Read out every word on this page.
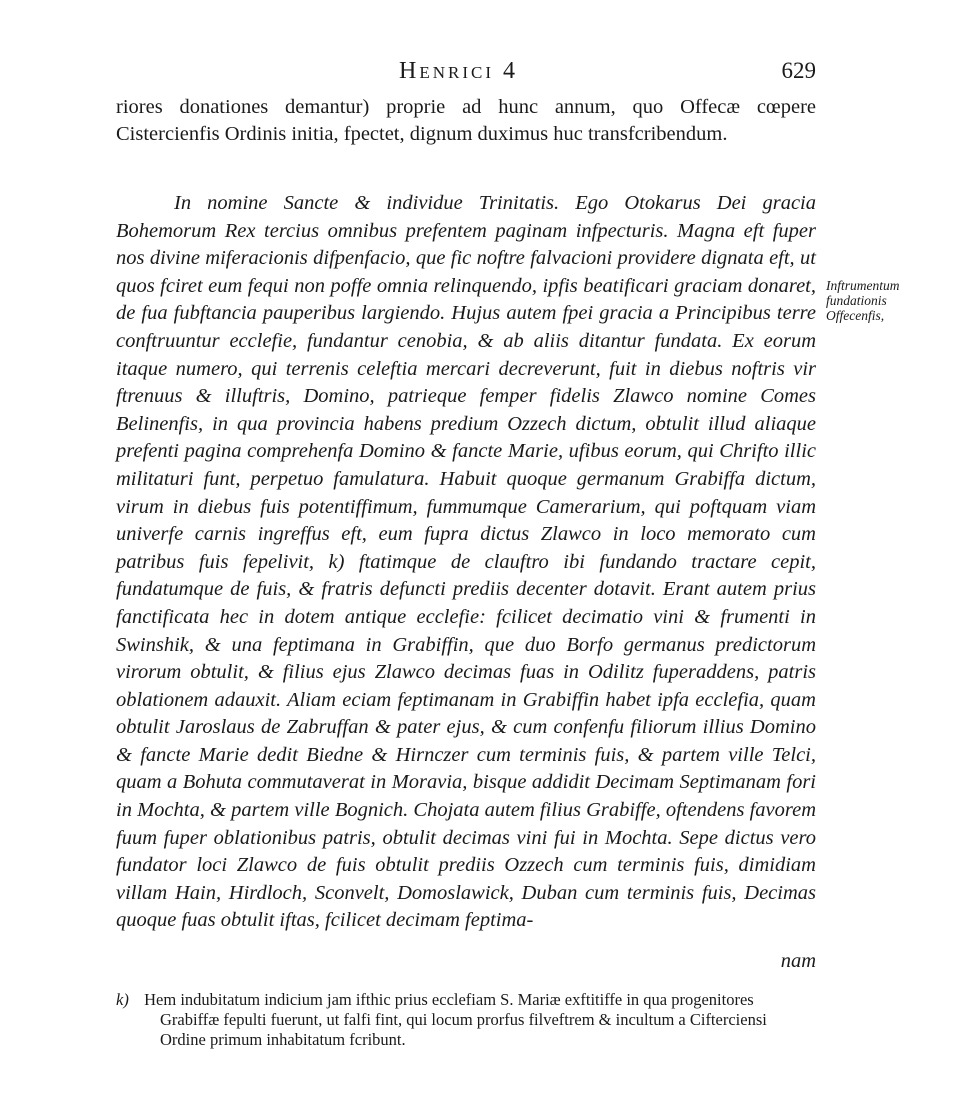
Henrici 4	629
riores donationes demantur) proprie ad hunc annum, quo Offecæ cœpere Cistercienfis Ordinis initia, fpectet, dignum duximus huc transfcribendum.

In nomine Sancte & individue Trinitatis. Ego Otokarus Dei gracia Bohemorum Rex tercius omnibus prefentem paginam infpecturis. Magna eft fuper nos divine miferacionis difpenfacio, que fic noftre falvacioni providere dignata eft, ut quos fciret eum fequi non poffe omnia relinquendo, ipfis beatificari graciam donaret, de fua fubftancia pauperibus largiendo. Hujus autem fpei gracia a Principibus terre conftruuntur ecclefie, fundantur cenobia, & ab aliis ditantur fundata. Ex eorum itaque numero, qui terrenis celeftia mercari decreverunt, fuit in diebus noftris vir ftrenuus & illuftris, Domino, patrieque femper fidelis Zlawco nomine Comes Belinenfis, in qua provincia habens predium Ozzech dictum, obtulit illud aliaque prefenti pagina comprehenfa Domino & fancte Marie, ufibus eorum, qui Chrifto illic militaturi funt, perpetuo famulatura. Habuit quoque germanum Grabiffa dictum, virum in diebus fuis potentiffimum, fummumque Camerarium, qui poftquam viam univerfe carnis ingreffus eft, eum fupra dictus Zlawco in loco memorato cum patribus fuis fepelivit, k) ftatimque de clauftro ibi fundando tractare cepit, fundatumque de fuis, & fratris defuncti prediis decenter dotavit. Erant autem prius fanctificata hec in dotem antique ecclefie: fcilicet decimatio vini & frumenti in Swinshik, & una feptimana in Grabiffin, que duo Borfo germanus predictorum virorum obtulit, & filius ejus Zlawco decimas fuas in Odilitz fuperaddens, patris oblationem adauxit. Aliam eciam feptimanam in Grabiffin habet ipfa ecclefia, quam obtulit Jaroslaus de Zabruffan & pater ejus, & cum confenfu filiorum illius Domino & fancte Marie dedit Biedne & Hirnczer cum terminis fuis, & partem ville Telci, quam a Bohuta commutaverat in Moravia, bisque addidit Decimam Septimanam fori in Mochta, & partem ville Bognich. Chojata autem filius Grabiffe, oftendens favorem fuum fuper oblationibus patris, obtulit decimas vini fui in Mochta. Sepe dictus vero fundator loci Zlawco de fuis obtulit prediis Ozzech cum terminis fuis, dimidiam villam Hain, Hirdloch, Sconvelt, Domoslawick, Duban cum terminis fuis, Decimas quoque fuas obtulit iftas, fcilicet decimam feptima-

nam
Inftrumentum fundationis Offecenfis,
k) Hem indubitatum indicium jam ifthic prius ecclefiam S. Mariæ exftitiffe in qua progenitores Grabiffæ fepulti fuerunt, ut falfi fint, qui locum prorfus filveftrem & incultum a Cifterciensi Ordine primum inhabitatum fcribunt.
